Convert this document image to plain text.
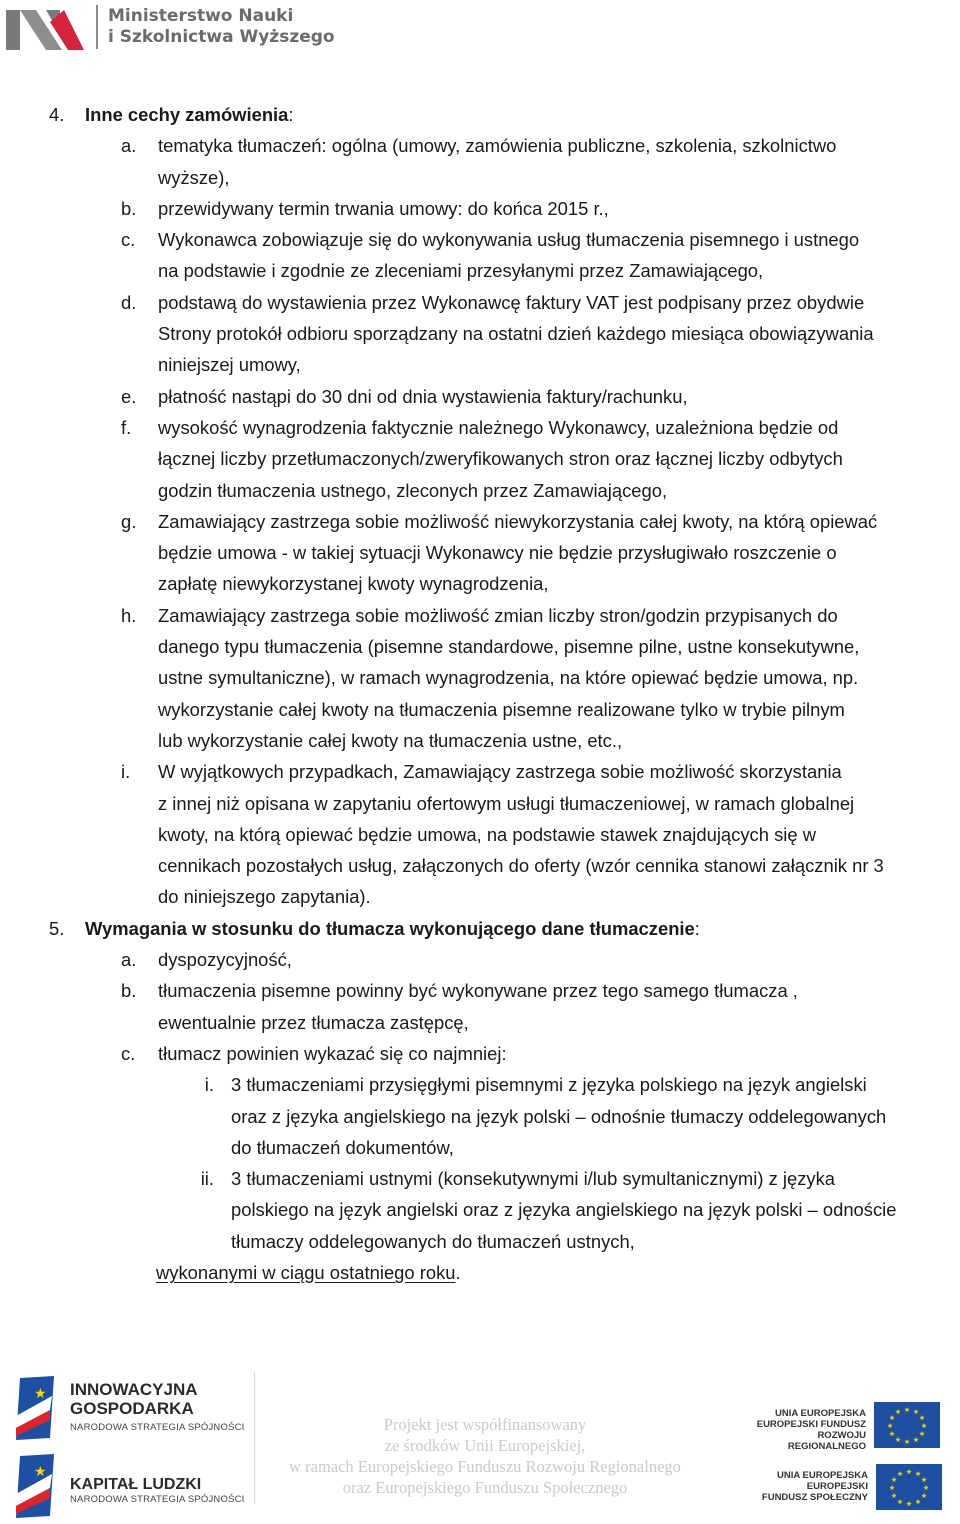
Ministerstwo Nauki
i Szkolnictwa Wyższego
4. Inne cechy zamówienia:
a. tematyka tłumaczeń: ogólna (umowy, zamówienia publiczne, szkolenia, szkolnictwo
wyższe),
b. przewidywany termin trwania umowy: do końca 2015 r.,
c. Wykonawca zobowiązuje się do wykonywania usług tłumaczenia pisemnego i ustnego
na podstawie i zgodnie ze zleceniami przesyłanymi przez Zamawiającego,
d. podstawą do wystawienia przez Wykonawcę faktury VAT jest podpisany przez obydwie
Strony protokół odbioru sporządzany na ostatni dzień każdego miesiąca obowiązywania
niniejszej umowy,
e. płatność nastąpi do 30 dni od dnia wystawienia faktury/rachunku,
f. wysokość wynagrodzenia faktycznie należnego Wykonawcy, uzależniona będzie od
łącznej liczby przetłumaczonych/zweryfikowanych stron oraz łącznej liczby odbytych
godzin tłumaczenia ustnego, zleconych przez Zamawiającego,
g. Zamawiający zastrzega sobie możliwość niewykorzystania całej kwoty, na którą opiewać
będzie umowa - w takiej sytuacji Wykonawcy nie będzie przysługiwało roszczenie o
zapłatę niewykorzystanej kwoty wynagrodzenia,
h. Zamawiający zastrzega sobie możliwość zmian liczby stron/godzin przypisanych do
danego typu tłumaczenia (pisemne standardowe, pisemne pilne, ustne konsekutywne,
ustne symultaniczne), w ramach wynagrodzenia, na które opiewać będzie umowa, np.
wykorzystanie całej kwoty na tłumaczenia pisemne realizowane tylko w trybie pilnym
lub wykorzystanie całej kwoty na tłumaczenia ustne, etc.,
i. W wyjątkowych przypadkach, Zamawiający zastrzega sobie możliwość skorzystania
z innej niż opisana w zapytaniu ofertowym usługi tłumaczeniowej, w ramach globalnej
kwoty, na którą opiewać będzie umowa, na podstawie stawek znajdujących się w
cennikach pozostałych usług, załączonych do oferty (wzór cennika stanowi załącznik nr 3
do niniejszego zapytania).
5. Wymagania w stosunku do tłumacza wykonującego dane tłumaczenie:
a. dyspozycyjność,
b. tłumaczenia pisemne powinny być wykonywane przez tego samego tłumacza ,
ewentualnie przez tłumacza zastępcę,
c. tłumacz powinien wykazać się co najmniej:
i. 3 tłumaczeniami przysięgłymi pisemnymi z języka polskiego na język angielski
oraz z języka angielskiego na język polski – odnośnie tłumaczy oddelegowanych
do tłumaczeń dokumentów,
ii. 3 tłumaczeniami ustnymi (konsekutywnymi i/lub symultanicznymi) z języka
polskiego na język angielski oraz z języka angielskiego na język polski – odnoście
tłumaczy oddelegowanych do tłumaczeń ustnych,
wykonanymi w ciągu ostatniego roku.
★ INNOWACYJNA
GOSPODARKA
NARODOWA STRATEGIA SPÓJNOŚCI
★
KAPITAŁ LUDZKI
NARODOWA STRATEGIA SPÓJNOŚCI
Projekt jest współfinansowany
ze środków Unii Europejskiej,
w ramach Europejskiego Funduszu Rozwoju Regionalnego
oraz Europejskiego Funduszu Społecznego
UNIA EUROPEJSKA
EUROPEJSKI FUNDUSZ
ROZWOJU REGIONALNEGO
★ ★
★
★
★
★
★
★
★
★
★
★
UNIA EUROPEJSKA
EUROPEJSKI
FUNDUSZ SPOŁECZNY
★ ★
★
★
★
★
★
★
★
★
★
★
